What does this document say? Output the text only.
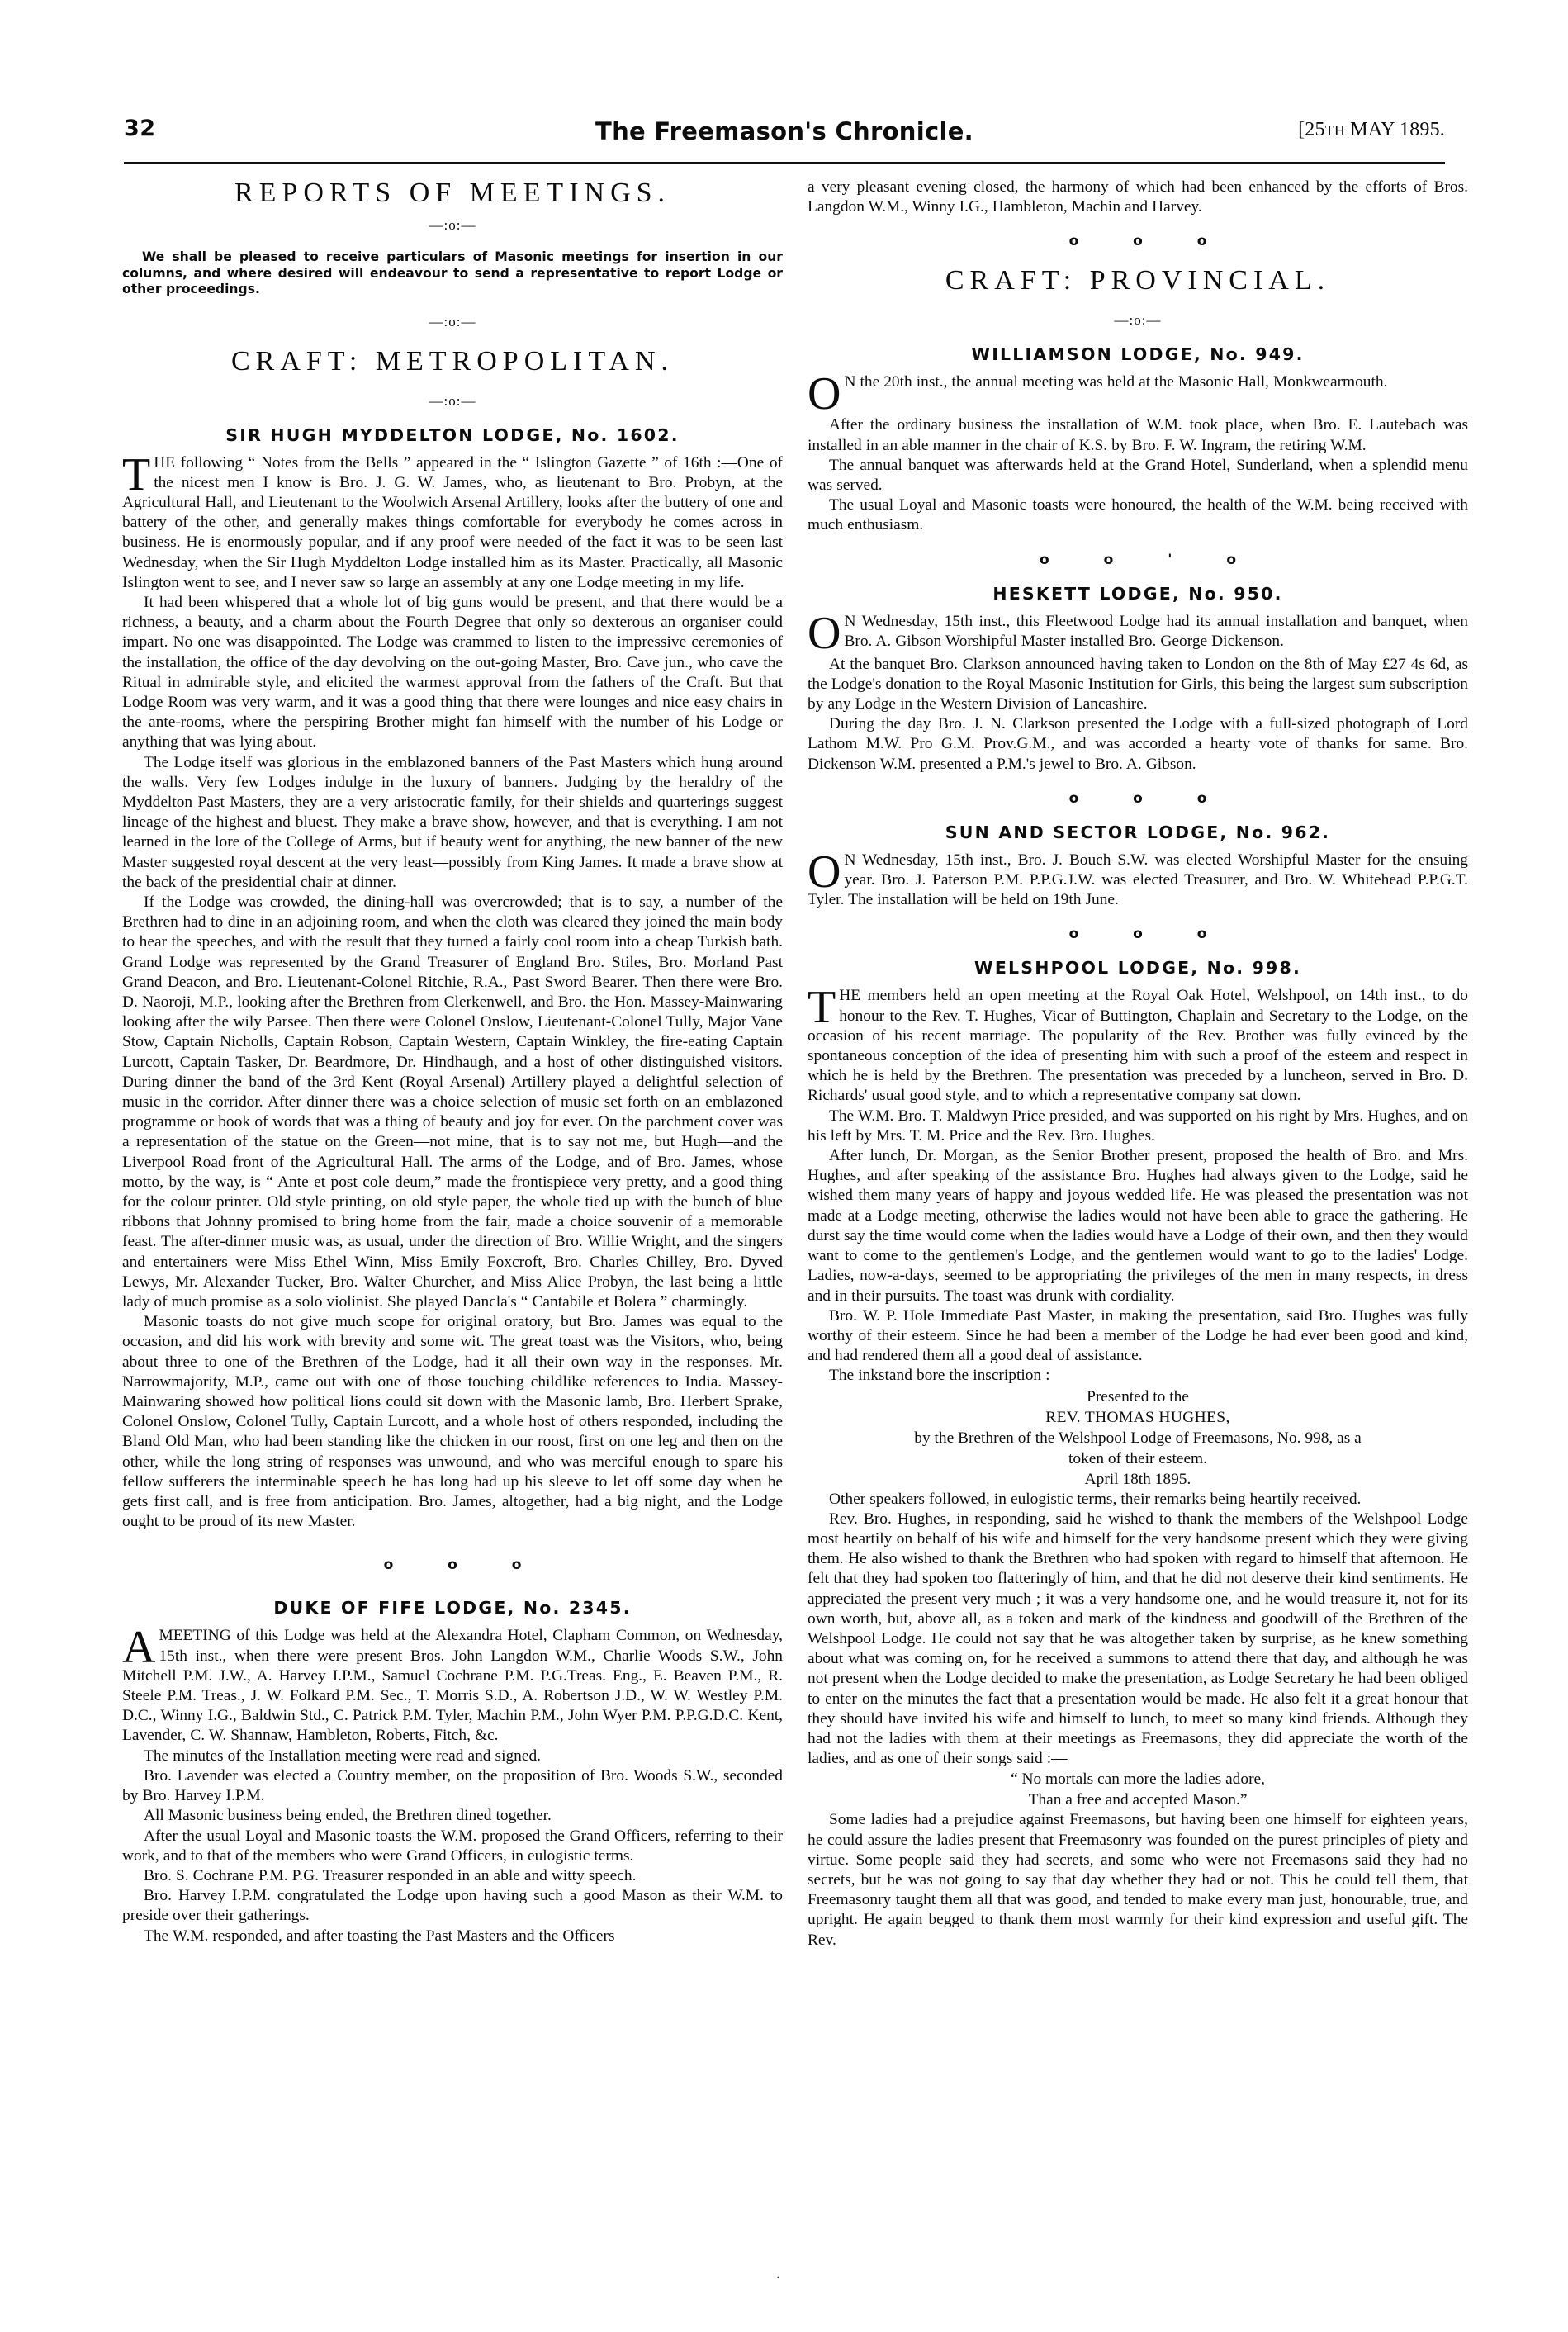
32	The Freemason's Chronicle.	[25TH MAY 1895.
REPORTS OF MEETINGS.
—:o:—
We shall be pleased to receive particulars of Masonic meetings for insertion in our columns, and where desired will endeavour to send a representative to report Lodge or other proceedings.
—:o:—
CRAFT: METROPOLITAN.
—:o:—
SIR HUGH MYDDELTON LODGE, No. 1602.
T HE following “ Notes from the Bells ” appeared in the “ Islington Gazette ” of 16th :—One of the nicest men I know is Bro. J. G. W. James, who, as lieutenant to Bro. Probyn, at the Agricultural Hall, and Lieutenant to the Woolwich Arsenal Artillery, looks after the buttery of one and battery of the other, and generally makes things comfortable for everybody he comes across in business. He is enormously popular, and if any proof were needed of the fact it was to be seen last Wednesday, when the Sir Hugh Myddelton Lodge installed him as its Master. Practically, all Masonic Islington went to see, and I never saw so large an assembly at any one Lodge meeting in my life.

It had been whispered that a whole lot of big guns would be present, and that there would be a richness, a beauty, and a charm about the Fourth Degree that only so dexterous an organiser could impart. No one was disappointed. The Lodge was crammed to listen to the impressive ceremonies of the installation, the office of the day devolving on the out-going Master, Bro. Cave jun., who cave the Ritual in admirable style, and elicited the warmest approval from the fathers of the Craft. But that Lodge Room was very warm, and it was a good thing that there were lounges and nice easy chairs in the ante-rooms, where the perspiring Brother might fan himself with the number of his Lodge or anything that was lying about.

The Lodge itself was glorious in the emblazoned banners of the Past Masters which hung around the walls. Very few Lodges indulge in the luxury of banners. Judging by the heraldry of the Myddelton Past Masters, they are a very aristocratic family, for their shields and quarterings suggest lineage of the highest and bluest. They make a brave show, however, and that is everything. I am not learned in the lore of the College of Arms, but if beauty went for anything, the new banner of the new Master suggested royal descent at the very least—possibly from King James. It made a brave show at the back of the presidential chair at dinner.

If the Lodge was crowded, the dining-hall was overcrowded; that is to say, a number of the Brethren had to dine in an adjoining room, and when the cloth was cleared they joined the main body to hear the speeches, and with the result that they turned a fairly cool room into a cheap Turkish bath. Grand Lodge was represented by the Grand Treasurer of England Bro. Stiles, Bro. Morland Past Grand Deacon, and Bro. Lieutenant-Colonel Ritchie, R.A., Past Sword Bearer. Then there were Bro. D. Naoroji, M.P., looking after the Brethren from Clerkenwell, and Bro. the Hon. Massey-Mainwaring looking after the wily Parsee. Then there were Colonel Onslow, Lieutenant-Colonel Tully, Major Vane Stow, Captain Nicholls, Captain Robson, Captain Western, Captain Winkley, the fire-eating Captain Lurcott, Captain Tasker, Dr. Beardmore, Dr. Hindhaugh, and a host of other distinguished visitors. During dinner the band of the 3rd Kent (Royal Arsenal) Artillery played a delightful selection of music in the corridor. After dinner there was a choice selection of music set forth on an emblazoned programme or book of words that was a thing of beauty and joy for ever. On the parchment cover was a representation of the statue on the Green—not mine, that is to say not me, but Hugh—and the Liverpool Road front of the Agricultural Hall. The arms of the Lodge, and of Bro. James, whose motto, by the way, is “ Ante et post cole deum,” made the frontispiece very pretty, and a good thing for the colour printer. Old style printing, on old style paper, the whole tied up with the bunch of blue ribbons that Johnny promised to bring home from the fair, made a choice souvenir of a memorable feast. The after-dinner music was, as usual, under the direction of Bro. Willie Wright, and the singers and entertainers were Miss Ethel Winn, Miss Emily Foxcroft, Bro. Charles Chilley, Bro. Dyved Lewys, Mr. Alexander Tucker, Bro. Walter Churcher, and Miss Alice Probyn, the last being a little lady of much promise as a solo violinist. She played Dancla's “ Cantabile et Bolera ” charmingly.

Masonic toasts do not give much scope for original oratory, but Bro. James was equal to the occasion, and did his work with brevity and some wit. The great toast was the Visitors, who, being about three to one of the Brethren of the Lodge, had it all their own way in the responses. Mr. Narrowmajority, M.P., came out with one of those touching childlike references to India. Massey-Mainwaring showed how political lions could sit down with the Masonic lamb, Bro. Herbert Sprake, Colonel Onslow, Colonel Tully, Captain Lurcott, and a whole host of others responded, including the Bland Old Man, who had been standing like the chicken in our roost, first on one leg and then on the other, while the long string of responses was unwound, and who was merciful enough to spare his fellow sufferers the interminable speech he has long had up his sleeve to let off some day when he gets first call, and is free from anticipation. Bro. James, altogether, had a big night, and the Lodge ought to be proud of its new Master.

o o o
DUKE OF FIFE LODGE, No. 2345.
A MEETING of this Lodge was held at the Alexandra Hotel, Clapham Common, on Wednesday, 15th inst., when there were present Bros. John Langdon W.M., Charlie Woods S.W., John Mitchell P.M. J.W., A. Harvey I.P.M., Samuel Cochrane P.M. P.G.Treas. Eng., E. Beaven P.M., R. Steele P.M. Treas., J. W. Folkard P.M. Sec., T. Morris S.D., A. Robertson J.D., W. W. Westley P.M. D.C., Winny I.G., Baldwin Std., C. Patrick P.M. Tyler, Machin P.M., John Wyer P.M. P.P.G.D.C. Kent, Lavender, C. W. Shannaw, Hambleton, Roberts, Fitch, &c.

The minutes of the Installation meeting were read and signed.

Bro. Lavender was elected a Country member, on the proposition of Bro. Woods S.W., seconded by Bro. Harvey I.P.M.

All Masonic business being ended, the Brethren dined together.

After the usual Loyal and Masonic toasts the W.M. proposed the Grand Officers, referring to their work, and to that of the members who were Grand Officers, in eulogistic terms.

Bro. S. Cochrane P.M. P.G. Treasurer responded in an able and witty speech.

Bro. Harvey I.P.M. congratulated the Lodge upon having such a good Mason as their W.M. to preside over their gatherings.

The W.M. responded, and after toasting the Past Masters and the Officers

a very pleasant evening closed, the harmony of which had been enhanced by the efforts of Bros. Langdon W.M., Winny I.G., Hambleton, Machin and Harvey.

o o o
CRAFT: PROVINCIAL.
—:o:—
WILLIAMSON LODGE, No. 949.
O N the 20th inst., the annual meeting was held at the Masonic Hall, Monkwearmouth.

After the ordinary business the installation of W.M. took place, when Bro. E. Lautebach was installed in an able manner in the chair of K.S. by Bro. F. W. Ingram, the retiring W.M.

The annual banquet was afterwards held at the Grand Hotel, Sunderland, when a splendid menu was served.

The usual Loyal and Masonic toasts were honoured, the health of the W.M. being received with much enthusiasm.

o o ' o
HESKETT LODGE, No. 950.
O N Wednesday, 15th inst., this Fleetwood Lodge had its annual installation and banquet, when Bro. A. Gibson Worshipful Master installed Bro. George Dickenson.

At the banquet Bro. Clarkson announced having taken to London on the 8th of May £27 4s 6d, as the Lodge's donation to the Royal Masonic Institution for Girls, this being the largest sum subscription by any Lodge in the Western Division of Lancashire.

During the day Bro. J. N. Clarkson presented the Lodge with a full-sized photograph of Lord Lathom M.W. Pro G.M. Prov.G.M., and was accorded a hearty vote of thanks for same. Bro. Dickenson W.M. presented a P.M.'s jewel to Bro. A. Gibson.

o o o
SUN AND SECTOR LODGE, No. 962.
O N Wednesday, 15th inst., Bro. J. Bouch S.W. was elected Worshipful Master for the ensuing year. Bro. J. Paterson P.M. P.P.G.J.W. was elected Treasurer, and Bro. W. Whitehead P.P.G.T. Tyler. The installation will be held on 19th June.

o o o
WELSHPOOL LODGE, No. 998.
T HE members held an open meeting at the Royal Oak Hotel, Welshpool, on 14th inst., to do honour to the Rev. T. Hughes, Vicar of Buttington, Chaplain and Secretary to the Lodge, on the occasion of his recent marriage. The popularity of the Rev. Brother was fully evinced by the spontaneous conception of the idea of presenting him with such a proof of the esteem and respect in which he is held by the Brethren. The presentation was preceded by a luncheon, served in Bro. D. Richards' usual good style, and to which a representative company sat down.

The W.M. Bro. T. Maldwyn Price presided, and was supported on his right by Mrs. Hughes, and on his left by Mrs. T. M. Price and the Rev. Bro. Hughes.

After lunch, Dr. Morgan, as the Senior Brother present, proposed the health of Bro. and Mrs. Hughes, and after speaking of the assistance Bro. Hughes had always given to the Lodge, said he wished them many years of happy and joyous wedded life. He was pleased the presentation was not made at a Lodge meeting, otherwise the ladies would not have been able to grace the gathering. He durst say the time would come when the ladies would have a Lodge of their own, and then they would want to come to the gentlemen's Lodge, and the gentlemen would want to go to the ladies' Lodge. Ladies, now-a-days, seemed to be appropriating the privileges of the men in many respects, in dress and in their pursuits. The toast was drunk with cordiality.

Bro. W. P. Hole Immediate Past Master, in making the presentation, said Bro. Hughes was fully worthy of their esteem. Since he had been a member of the Lodge he had ever been good and kind, and had rendered them all a good deal of assistance.

The inkstand bore the inscription :

Presented to the
REV. THOMAS HUGHES,
by the Brethren of the Welshpool Lodge of Freemasons, No. 998, as a
token of their esteem.
April 18th 1895.

Other speakers followed, in eulogistic terms, their remarks being heartily received.

Rev. Bro. Hughes, in responding, said he wished to thank the members of the Welshpool Lodge most heartily on behalf of his wife and himself for the very handsome present which they were giving them. He also wished to thank the Brethren who had spoken with regard to himself that afternoon. He felt that they had spoken too flatteringly of him, and that he did not deserve their kind sentiments. He appreciated the present very much ; it was a very handsome one, and he would treasure it, not for its own worth, but, above all, as a token and mark of the kindness and goodwill of the Brethren of the Welshpool Lodge. He could not say that he was altogether taken by surprise, as he knew something about what was coming on, for he received a summons to attend there that day, and although he was not present when the Lodge decided to make the presentation, as Lodge Secretary he had been obliged to enter on the minutes the fact that a presentation would be made. He also felt it a great honour that they should have invited his wife and himself to lunch, to meet so many kind friends. Although they had not the ladies with them at their meetings as Freemasons, they did appreciate the worth of the ladies, and as one of their songs said :—

“ No mortals can more the ladies adore,
Than a free and accepted Mason.”

Some ladies had a prejudice against Freemasons, but having been one himself for eighteen years, he could assure the ladies present that Freemasonry was founded on the purest principles of piety and virtue. Some people said they had secrets, and some who were not Freemasons said they had no secrets, but he was not going to say that day whether they had or not. This he could tell them, that Freemasonry taught them all that was good, and tended to make every man just, honourable, true, and upright. He again begged to thank them most warmly for their kind expression and useful gift. The Rev.

.
